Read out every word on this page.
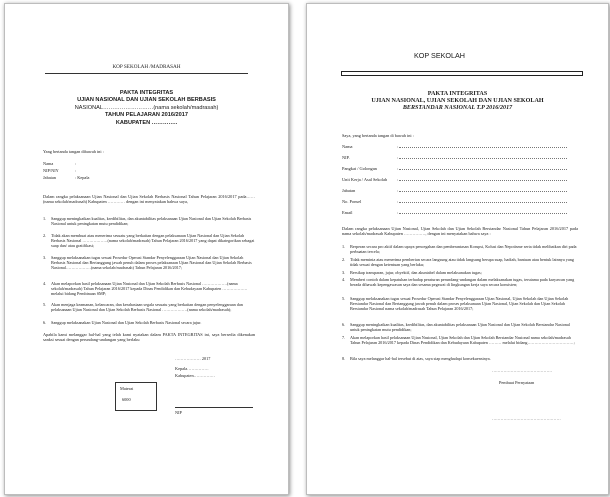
KOP SEKOLAH /MADRASAH
PAKTA INTEGRITAS
UJIAN NASIONAL DAN UJIAN SEKOLAH BERBASIS
NASIONAL………………………(nama sekolah/madrasah)
TAHUN PELAJARAN 2016/2017
KABUPATEN …………..
Yang bertanda tangan dibawah ini :
Nama	:
NIP/NIY	:
Jabatan	: Kepala
Dalam rangka pelaksanaan Ujian Nasional dan Ujian Sekolah Berbasis Nasional Tahun Pelajaran 2016/2017 pada……(nama sekolah/madrasah) Kabupaten ………… dengan ini menyatakan bahwa saya,
1. Sanggup meningkatkan kualitas, kredibilitas, dan akuntabilitas pelaksanaan Ujian Nasional dan Ujian Sekolah Berbasis Nasional untuk peningkatan mutu pendidikan;
2. Tidak akan membuat atau menerima sesuatu yang berkaitan dengan pelaksanaan Ujian Nasional dan Ujian Sekolah Berbasis Nasional ………………(nama sekolah/madrasah) Tahun Pelajaran 2016/2017 yang dapat dikategorikan sebagai suap dan/ atau gratifikasi;
3. Sanggup melaksanakan tugas sesuai Prosedur Operasi Standar Penyelenggaraan Ujian Nasional dan Ujian Sekolah Berbasis Nasional dan Bertanggung jawab penuh dalam proses pelaksanaan Ujian Nasional dan Ujian Sekolah Berbasis Nasional………………(nama sekolah/madrasah) Tahun Pelajaran 2016/2017;
4. Akan melaporkan hasil pelaksanaan Ujian Nasional dan Ujian Sekolah Berbasis Nasional ………………(nama sekolah/madrasah) Tahun Pelajaran 2016/2017 kepada Dinas Pendidikan dan Kebudayaan Kabupaten ……………… melalui bidang Pembinaan SMP;
5. Akan menjaga keamanan, kelancaran, dan kerahasiaan segala sesuatu yang berkaitan dengan penyelenggaraan dan pelaksanaan Ujian Nasional dan Ujian Sekolah Berbasis Nasional ………………(nama sekolah/madrasah);
6. Sanggup melaksanakan Ujian Nasional dan Ujian Sekolah Berbasis Nasional secara jujur.
Apabila kami melanggar hal-hal yang telah kami nyatakan dalam PAKTA INTEGRITAS ini, saya bersedia dikenakan sanksi sesuai dengan perundang-undangan yang berlaku
……………… 2017
Kepala……………
Kabupaten……………
Materai
6000
NIP
KOP SEKOLAH
PAKTA INTEGRITAS
UJIAN NASIONAL, UJIAN SEKOLAH DAN UJIAN SEKOLAH
BERSTANDAR NASIONAL T.P 2016/2017
Saya, yang bertanda tangan di bawah ini :
Nama	:
NIP.	:
Pangkat / Golongan	:
Unit Kerja / Asal Sekolah :
Jabatan	:
No. Ponsel	:
Email	:
Dalam rangka pelaksanaan Ujian Nasional, Ujian Sekolah dan Ujian Sekolah Berstandar Nasional Tahun Pelajaran 2016/2017 pada nama sekolah/madrasah Kabupaten ……………, dengan ini menyatakan bahwa saya :
1. Berperan secara pro aktif dalam upaya pencegahan dan pemberantasan Korupsi, Kolusi dan Nepotisme serta tidak melibatkan diri pada perbuatan tercela;
2. Tidak meminta atau menerima pemberian secara langsung atau tidak langsung berupa suap, hadiah, bantuan atau bentuk lainnya yang tidak sesuai dengan ketentuan yang berlaku;
3. Bersikap transparan, jujur, obyektif, dan akuntabel dalam melaksanakan tugas;
4. Memberi contoh dalam kepatuhan terhadap peraturan perundang-undangan dalam melaksanakan tugas, terutama pada karyawan yang berada dibawah kepengawasan saya dan sesama pegawai di lingkungan kerja saya secara konsisten;
5. Sanggup melaksanakan tugas sesuai Prosedur Operasi Standar Penyelenggaraan Ujian Nasional, Ujian Sekolah dan Ujian Sekolah Berstandar Nasional dan Bertanggung jawab penuh dalam proses pelaksanaan Ujian Nasional, Ujian Sekolah dan Ujian Sekolah Berstandar Nasional nama sekolah/madrasah Tahun Pelajaran 2016/2017;
6. Sanggup meningkatkan kualitas, kredibilitas, dan akuntabilitas pelaksanaan Ujian Nasional dan Ujian Sekolah Berstandar Nasional untuk peningkatan mutu pendidikan;
7. Akan melaporkan hasil pelaksanaan Ujian Nasional, Ujian Sekolah dan Ujian Sekolah Berstandar Nasional nama sekolah/madrasah Tahun Pelajaran 2016/2017 kepada Dinas Pendidikan dan Kebudayaan Kabupaten ……… melalui bidang……………………………;
8. Bila saya melanggar hal-hal tersebut di atas, saya siap menghadapi konsekuensinya.
……………………………………
Pembuat Pernyataan
…………………………………………
